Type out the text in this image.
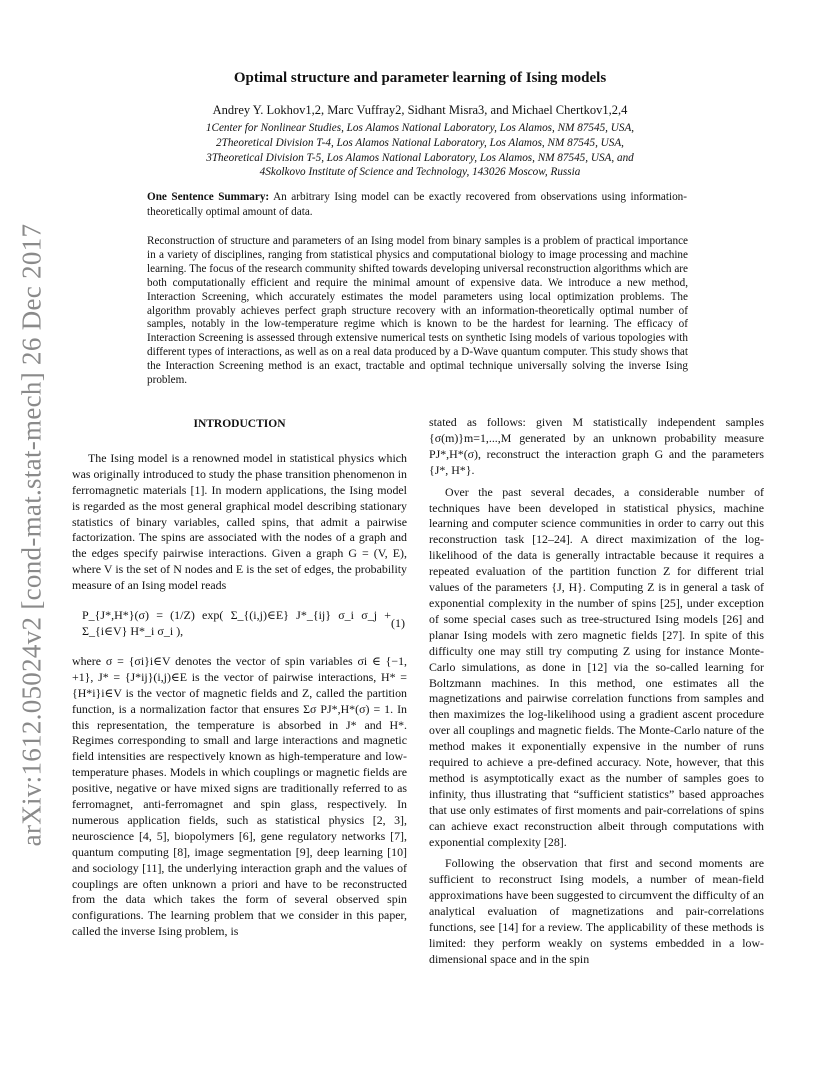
arXiv:1612.05024v2 [cond-mat.stat-mech] 26 Dec 2017
Optimal structure and parameter learning of Ising models
Andrey Y. Lokhov1,2, Marc Vuffray2, Sidhant Misra3, and Michael Chertkov1,2,4
1Center for Nonlinear Studies, Los Alamos National Laboratory, Los Alamos, NM 87545, USA,
2Theoretical Division T-4, Los Alamos National Laboratory, Los Alamos, NM 87545, USA,
3Theoretical Division T-5, Los Alamos National Laboratory, Los Alamos, NM 87545, USA, and
4Skolkovo Institute of Science and Technology, 143026 Moscow, Russia
One Sentence Summary: An arbitrary Ising model can be exactly recovered from observations using information-theoretically optimal amount of data.
Reconstruction of structure and parameters of an Ising model from binary samples is a problem of practical importance in a variety of disciplines, ranging from statistical physics and computational biology to image processing and machine learning. The focus of the research community shifted towards developing universal reconstruction algorithms which are both computationally efficient and require the minimal amount of expensive data. We introduce a new method, Interaction Screening, which accurately estimates the model parameters using local optimization problems. The algorithm provably achieves perfect graph structure recovery with an information-theoretically optimal number of samples, notably in the low-temperature regime which is known to be the hardest for learning. The efficacy of Interaction Screening is assessed through extensive numerical tests on synthetic Ising models of various topologies with different types of interactions, as well as on a real data produced by a D-Wave quantum computer. This study shows that the Interaction Screening method is an exact, tractable and optimal technique universally solving the inverse Ising problem.
INTRODUCTION

The Ising model is a renowned model in statistical physics which was originally introduced to study the phase transition phenomenon in ferromagnetic materials [1]. In modern applications, the Ising model is regarded as the most general graphical model describing stationary statistics of binary variables, called spins, that admit a pairwise factorization. The spins are associated with the nodes of a graph and the edges specify pairwise interactions. Given a graph G = (V, E), where V is the set of N nodes and E is the set of edges, the probability measure of an Ising model reads

P_{J*,H*}(σ) = (1/Z) exp( Σ_{(i,j)∈E} J*_{ij} σ_i σ_j + Σ_{i∈V} H*_i σ_i ),
(1)

where σ = {σi}i∈V denotes the vector of spin variables σi ∈ {−1, +1}, J* = {J*ij}(i,j)∈E is the vector of pairwise interactions, H* = {H*i}i∈V is the vector of magnetic fields and Z, called the partition function, is a normalization factor that ensures Σσ PJ*,H*(σ) = 1. In this representation, the temperature is absorbed in J* and H*. Regimes corresponding to small and large interactions and magnetic field intensities are respectively known as high-temperature and low-temperature phases. Models in which couplings or magnetic fields are positive, negative or have mixed signs are traditionally referred to as ferromagnet, anti-ferromagnet and spin glass, respectively. In numerous application fields, such as statistical physics [2, 3], neuroscience [4, 5], biopolymers [6], gene regulatory networks [7], quantum computing [8], image segmentation [9], deep learning [10] and sociology [11], the underlying interaction graph and the values of couplings are often unknown a priori and have to be reconstructed from the data which takes the form of several observed spin configurations. The learning problem that we consider in this paper, called the inverse Ising problem, is

stated as follows: given M statistically independent samples {σ(m)}m=1,...,M generated by an unknown probability measure PJ*,H*(σ), reconstruct the interaction graph G and the parameters {J*, H*}.

Over the past several decades, a considerable number of techniques have been developed in statistical physics, machine learning and computer science communities in order to carry out this reconstruction task [12–24]. A direct maximization of the log-likelihood of the data is generally intractable because it requires a repeated evaluation of the partition function Z for different trial values of the parameters {J, H}. Computing Z is in general a task of exponential complexity in the number of spins [25], under exception of some special cases such as tree-structured Ising models [26] and planar Ising models with zero magnetic fields [27]. In spite of this difficulty one may still try computing Z using for instance Monte-Carlo simulations, as done in [12] via the so-called learning for Boltzmann machines. In this method, one estimates all the magnetizations and pairwise correlation functions from samples and then maximizes the log-likelihood using a gradient ascent procedure over all couplings and magnetic fields. The Monte-Carlo nature of the method makes it exponentially expensive in the number of runs required to achieve a pre-defined accuracy. Note, however, that this method is asymptotically exact as the number of samples goes to infinity, thus illustrating that “sufficient statistics” based approaches that use only estimates of first moments and pair-correlations of spins can achieve exact reconstruction albeit through computations with exponential complexity [28].

Following the observation that first and second moments are sufficient to reconstruct Ising models, a number of mean-field approximations have been suggested to circumvent the difficulty of an analytical evaluation of magnetizations and pair-correlations functions, see [14] for a review. The applicability of these methods is limited: they perform weakly on systems embedded in a low-dimensional space and in the spin
